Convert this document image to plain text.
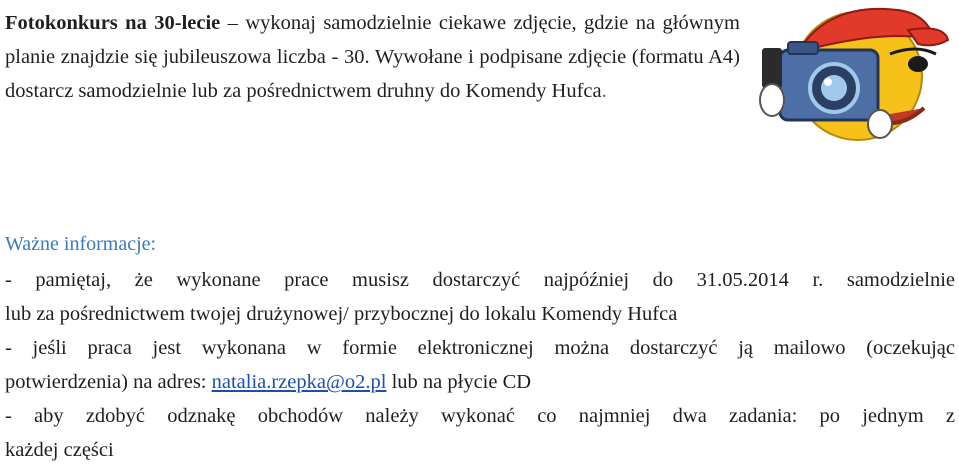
Fotokonkurs na 30-lecie – wykonaj samodzielnie ciekawe zdjęcie, gdzie na głównym planie znajdzie się jubileuszowa liczba - 30. Wywołane i podpisane zdjęcie (formatu A4) dostarcz samodzielnie lub za pośrednictwem druhny do Komendy Hufca.
Ważne informacje:
- pamiętaj, że wykonane prace musisz dostarczyć najpóźniej do 31.05.2014 r. samodzielnie
lub za pośrednictwem twojej drużynowej/ przybocznej do lokalu Komendy Hufca
- jeśli praca jest wykonana w formie elektronicznej można dostarczyć ją mailowo (oczekując
potwierdzenia) na adres: natalia.rzepka@o2.pl lub na płycie CD
- aby zdobyć odznakę obchodów należy wykonać co najmniej dwa zadania: po jednym z
każdej części
